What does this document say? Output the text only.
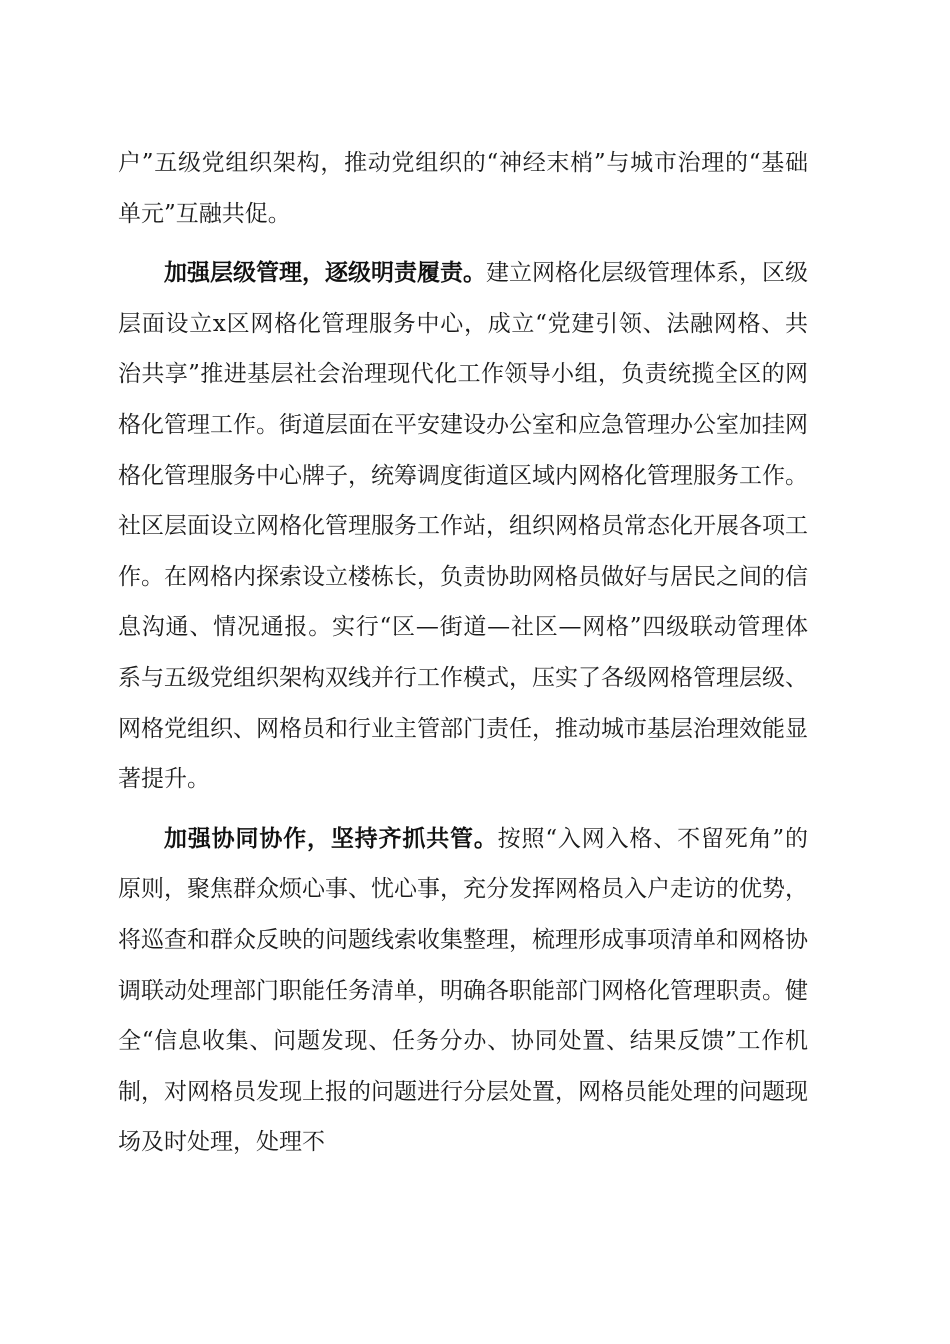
户”五级党组织架构，推动党组织的“神经末梢”与城市治理的“基础单元”互融共促。

加强层级管理，逐级明责履责。建立网格化层级管理体系，区级层面设立x区网格化管理服务中心，成立“党建引领、法融网格、共治共享”推进基层社会治理现代化工作领导小组，负责统揽全区的网格化管理工作。街道层面在平安建设办公室和应急管理办公室加挂网格化管理服务中心牌子，统筹调度街道区域内网格化管理服务工作。社区层面设立网格化管理服务工作站，组织网格员常态化开展各项工作。在网格内探索设立楼栋长，负责协助网格员做好与居民之间的信息沟通、情况通报。实行“区—街道—社区—网格”四级联动管理体系与五级党组织架构双线并行工作模式，压实了各级网格管理层级、网格党组织、网格员和行业主管部门责任，推动城市基层治理效能显著提升。

加强协同协作，坚持齐抓共管。按照“入网入格、不留死角”的原则，聚焦群众烦心事、忧心事，充分发挥网格员入户走访的优势，将巡查和群众反映的问题线索收集整理，梳理形成事项清单和网格协调联动处理部门职能任务清单，明确各职能部门网格化管理职责。健全“信息收集、问题发现、任务分办、协同处置、结果反馈”工作机制，对网格员发现上报的问题进行分层处置，网格员能处理的问题现场及时处理，处理不
